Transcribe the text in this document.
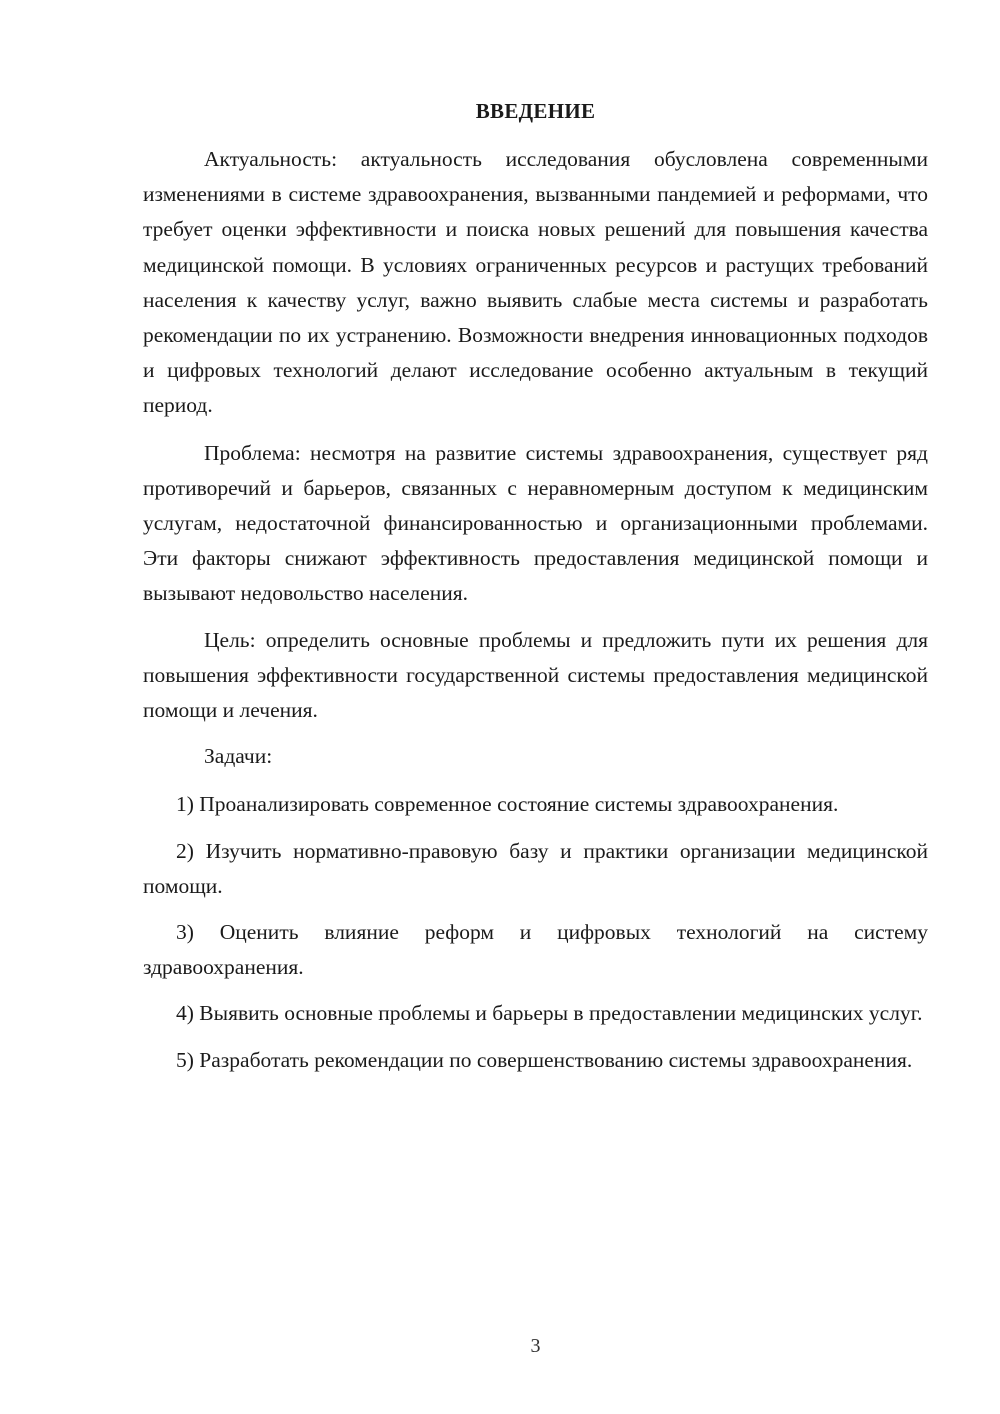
ВВЕДЕНИЕ

Актуальность: актуальность исследования обусловлена современными изменениями в системе здравоохранения, вызванными пандемией и реформами, что требует оценки эффективности и поиска новых решений для повышения качества медицинской помощи. В условиях ограниченных ресурсов и растущих требований населения к качеству услуг, важно выявить слабые места системы и разработать рекомендации по их устранению. Возможности внедрения инновационных подходов и цифровых технологий делают исследование особенно актуальным в текущий период.

Проблема: несмотря на развитие системы здравоохранения, существует ряд противоречий и барьеров, связанных с неравномерным доступом к медицинским услугам, недостаточной финансированностью и организационными проблемами. Эти факторы снижают эффективность предоставления медицинской помощи и вызывают недовольство населения.

Цель: определить основные проблемы и предложить пути их решения для повышения эффективности государственной системы предоставления медицинской помощи и лечения.

Задачи:

1) Проанализировать современное состояние системы здравоохранения.

2) Изучить нормативно-правовую базу и практики организации медицинской помощи.

3) Оценить влияние реформ и цифровых технологий на систему здравоохранения.

4) Выявить основные проблемы и барьеры в предоставлении медицинских услуг.

5) Разработать рекомендации по совершенствованию системы здравоохранения.

3
